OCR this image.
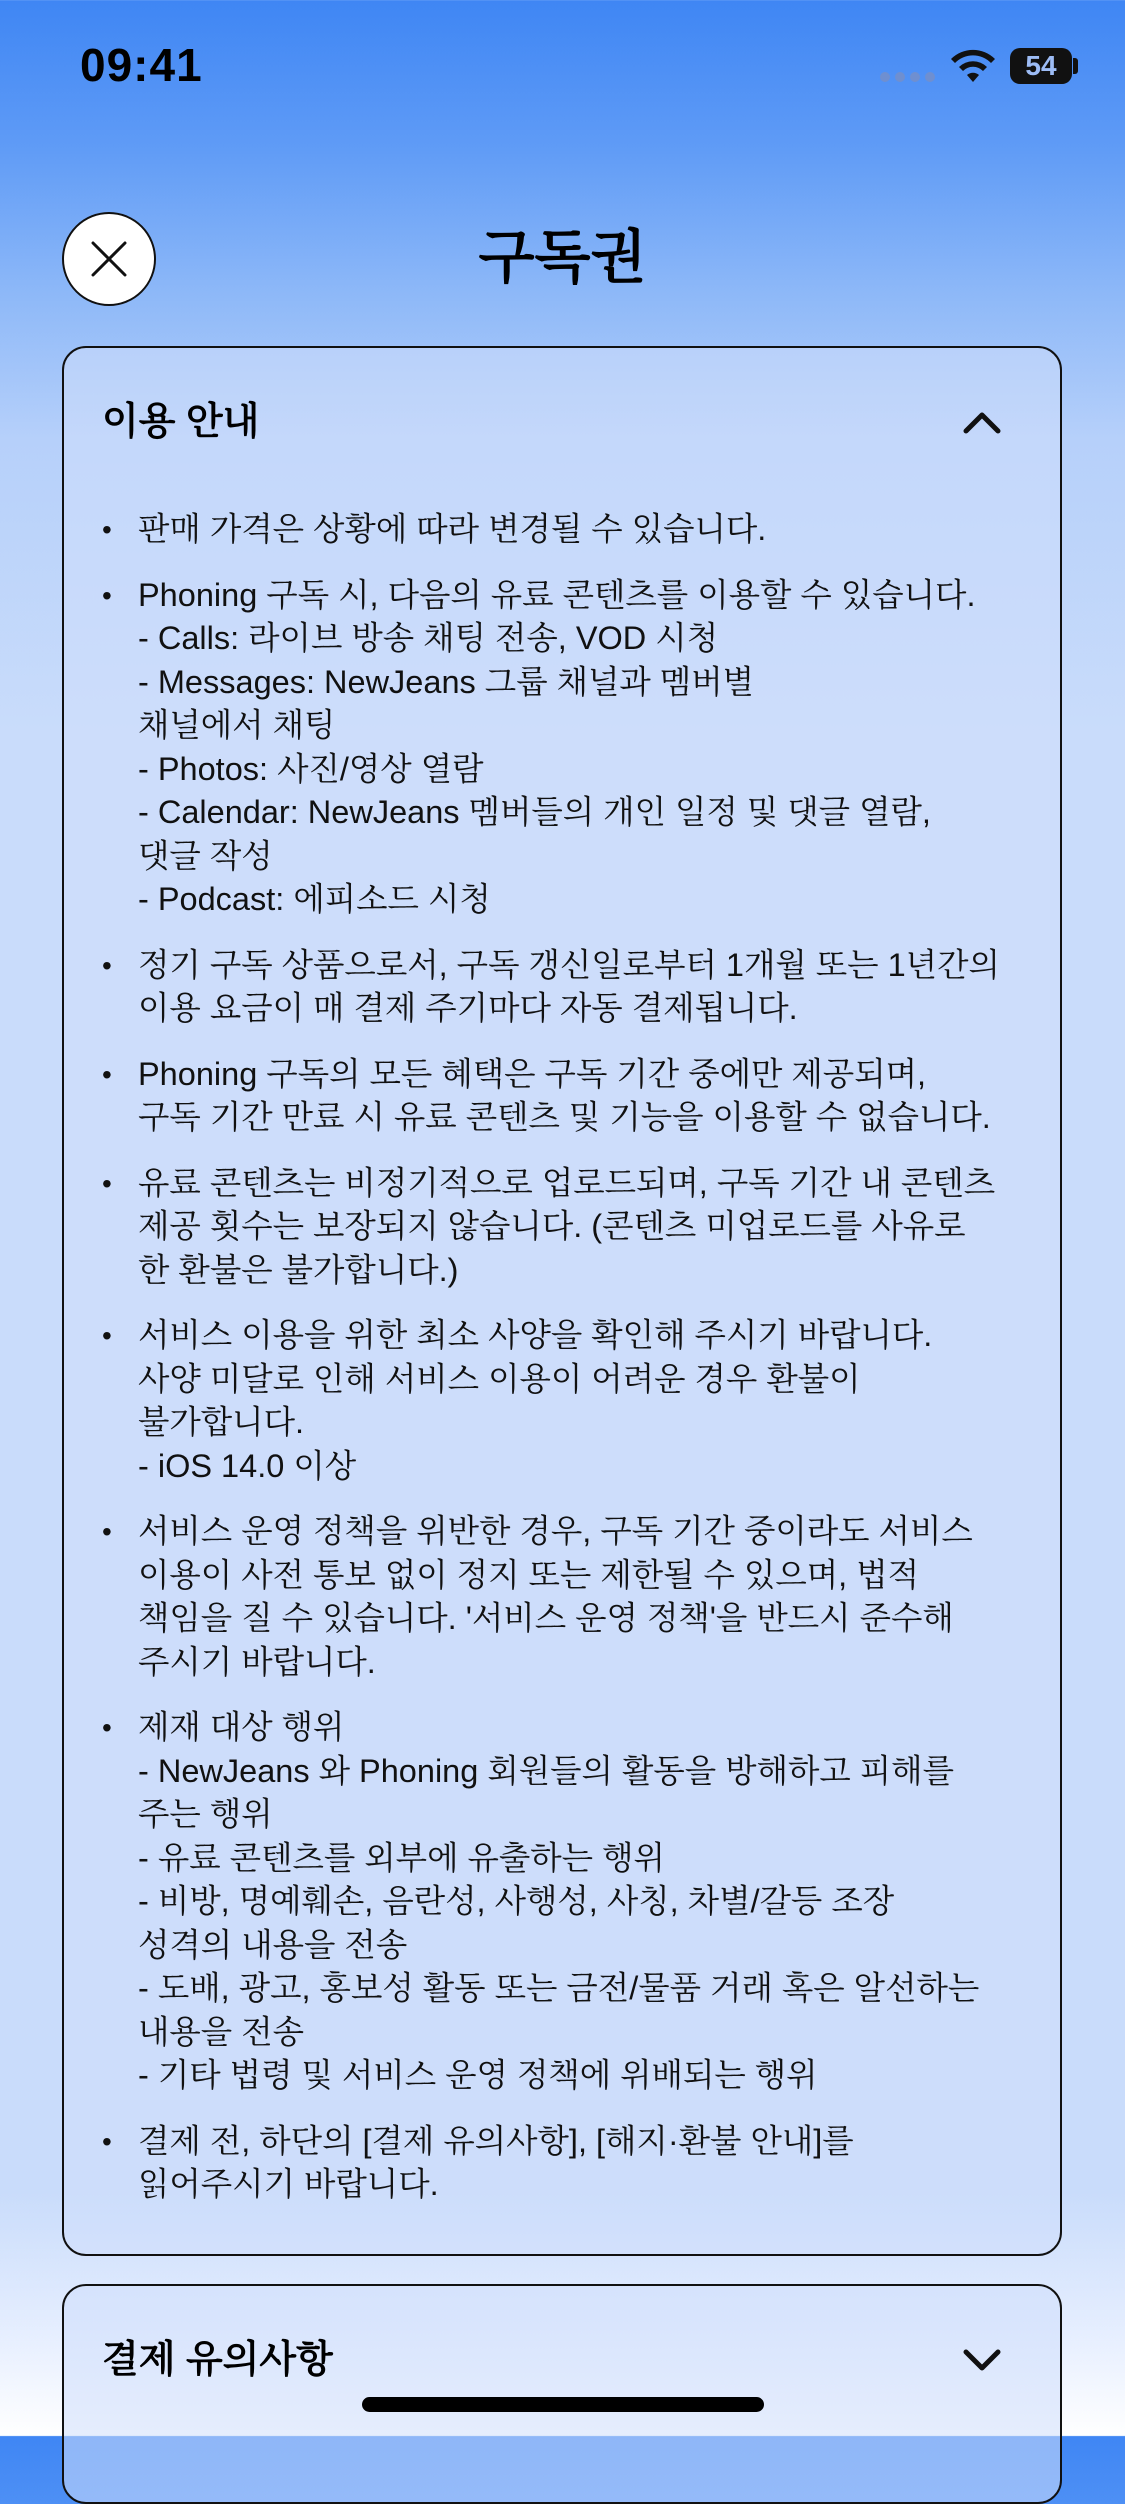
09:41	54
구독권
이용 안내
• 판매 가격은 상황에 따라 변경될 수 있습니다.
• Phoning 구독 시, 다음의 유료 콘텐츠를 이용할 수 있습니다.
- Calls: 라이브 방송 채팅 전송, VOD 시청
- Messages: NewJeans 그룹 채널과 멤버별
채널에서 채팅
- Photos: 사진/영상 열람
- Calendar: NewJeans 멤버들의 개인 일정 및 댓글 열람,
댓글 작성
- Podcast: 에피소드 시청
• 정기 구독 상품으로서, 구독 갱신일로부터 1개월 또는 1년간의
이용 요금이 매 결제 주기마다 자동 결제됩니다.
• Phoning 구독의 모든 혜택은 구독 기간 중에만 제공되며,
구독 기간 만료 시 유료 콘텐츠 및 기능을 이용할 수 없습니다.
• 유료 콘텐츠는 비정기적으로 업로드되며, 구독 기간 내 콘텐츠
제공 횟수는 보장되지 않습니다. (콘텐츠 미업로드를 사유로
한 환불은 불가합니다.)
• 서비스 이용을 위한 최소 사양을 확인해 주시기 바랍니다.
사양 미달로 인해 서비스 이용이 어려운 경우 환불이
불가합니다.
- iOS 14.0 이상
• 서비스 운영 정책을 위반한 경우, 구독 기간 중이라도 서비스
이용이 사전 통보 없이 정지 또는 제한될 수 있으며, 법적
책임을 질 수 있습니다. '서비스 운영 정책'을 반드시 준수해
주시기 바랍니다.
• 제재 대상 행위
- NewJeans 와 Phoning 회원들의 활동을 방해하고 피해를
주는 행위
- 유료 콘텐츠를 외부에 유출하는 행위
- 비방, 명예훼손, 음란성, 사행성, 사칭, 차별/갈등 조장
성격의 내용을 전송
- 도배, 광고, 홍보성 활동 또는 금전/물품 거래 혹은 알선하는
내용을 전송
- 기타 법령 및 서비스 운영 정책에 위배되는 행위
• 결제 전, 하단의 [결제 유의사항], [해지·환불 안내]를
읽어주시기 바랍니다.
결제 유의사항
